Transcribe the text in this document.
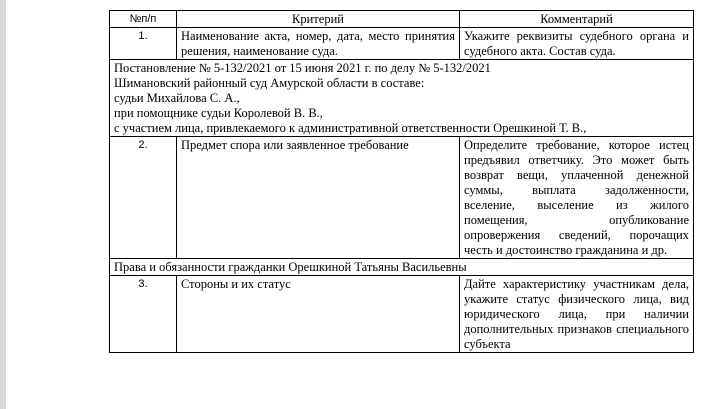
№п/п	Критерий	Комментарий
1.	Наименование акта, номер, дата, место принятия решения, наименование суда.	Укажите реквизиты судебного органа и судебного акта. Состав суда.

Постановление № 5-132/2021 от 15 июня 2021 г. по делу № 5-132/2021
Шимановский районный суд Амурской области в составе:
судьи Михайлова С. А.,
при помощнике судьи Королевой В. В.,
с участием лица, привлекаемого к административной ответственности Орешкиной Т. В.,		

2.	Предмет спора или заявленное требование	Определите требование, которое истец предъявил ответчику. Это может быть возврат вещи, уплаченной денежной суммы, выплата задолженности, вселение, выселение из жилого помещения, опубликование опровержения сведений, порочащих честь и достоинство гражданина и др.

Права и обязанности гражданки Орешкиной Татьяны Васильевны		

3.	Стороны и их статус	Дайте характеристику участникам дела, укажите статус физического лица, вид юридического лица, при наличии дополнительных признаков специального субъекта
